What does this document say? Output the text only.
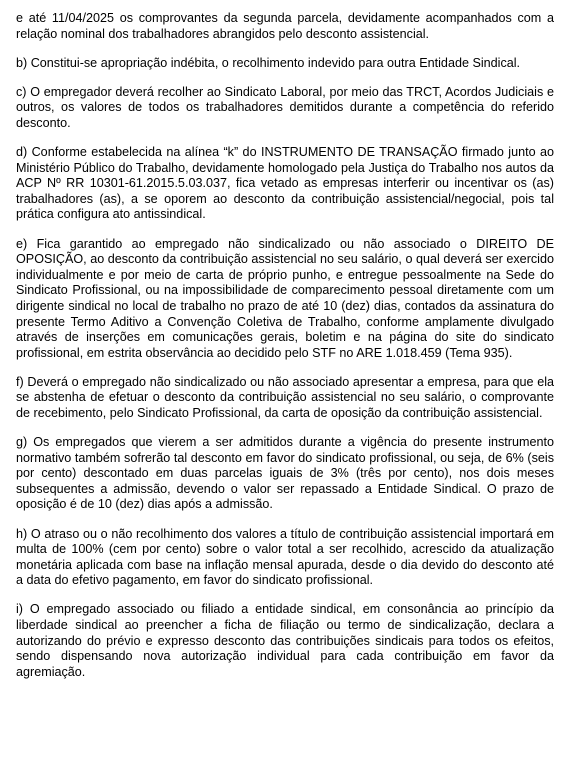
e até 11/04/2025 os comprovantes da segunda parcela, devidamente acompanhados com a relação nominal dos trabalhadores abrangidos pelo desconto assistencial.

b) Constitui-se apropriação indébita, o recolhimento indevido para outra Entidade Sindical.

c) O empregador deverá recolher ao Sindicato Laboral, por meio das TRCT, Acordos Judiciais e outros, os valores de todos os trabalhadores demitidos durante a competência do referido desconto.

d) Conforme estabelecida na alínea “k” do INSTRUMENTO DE TRANSAÇÃO firmado junto ao Ministério Público do Trabalho, devidamente homologado pela Justiça do Trabalho nos autos da ACP Nº RR 10301-61.2015.5.03.037, fica vetado as empresas interferir ou incentivar os (as) trabalhadores (as), a se oporem ao desconto da contribuição assistencial/negocial, pois tal prática configura ato antissindical.

e) Fica garantido ao empregado não sindicalizado ou não associado o DIREITO DE OPOSIÇÃO, ao desconto da contribuição assistencial no seu salário, o qual deverá ser exercido individualmente e por meio de carta de próprio punho, e entregue pessoalmente na Sede do Sindicato Profissional, ou na impossibilidade de comparecimento pessoal diretamente com um dirigente sindical no local de trabalho no prazo de até 10 (dez) dias, contados da assinatura do presente Termo Aditivo a Convenção Coletiva de Trabalho, conforme amplamente divulgado através de inserções em comunicações gerais, boletim e na página do site do sindicato profissional, em estrita observância ao decidido pelo STF no ARE 1.018.459 (Tema 935).

f) Deverá o empregado não sindicalizado ou não associado apresentar a empresa, para que ela se abstenha de efetuar o desconto da contribuição assistencial no seu salário, o comprovante de recebimento, pelo Sindicato Profissional, da carta de oposição da contribuição assistencial.

g) Os empregados que vierem a ser admitidos durante a vigência do presente instrumento normativo também sofrerão tal desconto em favor do sindicato profissional, ou seja, de 6% (seis por cento) descontado em duas parcelas iguais de 3% (três por cento), nos dois meses subsequentes a admissão, devendo o valor ser repassado a Entidade Sindical. O prazo de oposição é de 10 (dez) dias após a admissão.

h) O atraso ou o não recolhimento dos valores a título de contribuição assistencial importará em multa de 100% (cem por cento) sobre o valor total a ser recolhido, acrescido da atualização monetária aplicada com base na inflação mensal apurada, desde o dia devido do desconto até a data do efetivo pagamento, em favor do sindicato profissional.

i) O empregado associado ou filiado a entidade sindical, em consonância ao princípio da liberdade sindical ao preencher a ficha de filiação ou termo de sindicalização, declara a autorizando do prévio e expresso desconto das contribuições sindicais para todos os efeitos, sendo dispensando nova autorização individual para cada contribuição em favor da agremiação.
